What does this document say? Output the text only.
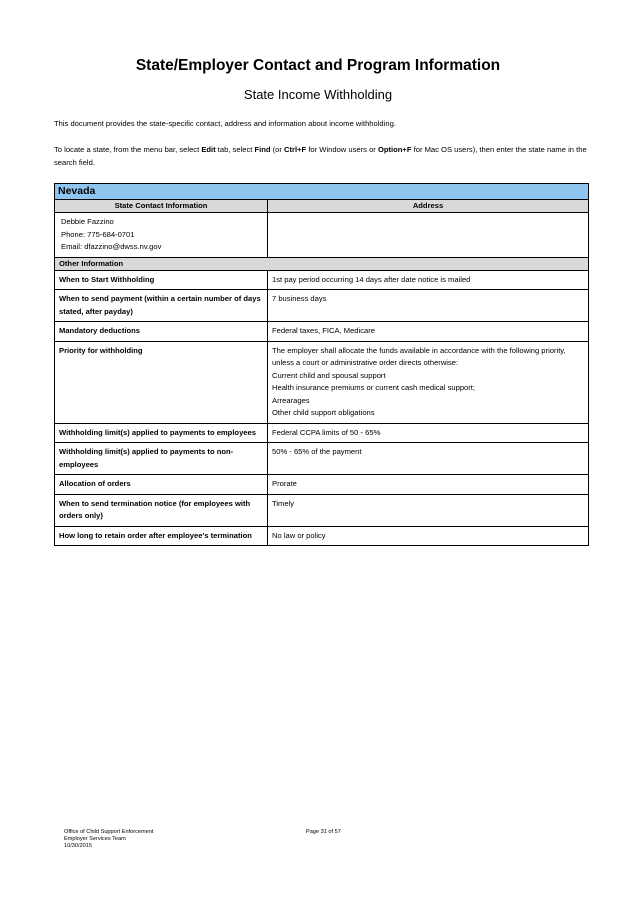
State/Employer Contact and Program Information
State Income Withholding
This document provides the state-specific contact, address and information about income withholding.
To locate a state, from the menu bar, select Edit tab, select Find (or Ctrl+F for Window users or Option+F for Mac OS users), then enter the state name in the search field.
Nevada	
State Contact Information	Address

Debbie Fazzino
Phone: 775-684-0701
Email: dfazzino@dwss.nv.gov	

Other Information	
When to Start Withholding	1st pay period occurring 14 days after date notice is mailed

When to send payment (within a certain number of days stated, after payday)	7 business days

Mandatory deductions	Federal taxes, FICA, Medicare

Priority for withholding	The employer shall allocate the funds available in accordance with the following priority, unless a court or administrative order directs otherwise:
Current child and spousal support
Health insurance premiums or current cash medical support;
Arrearages
Other child support obligations

Withholding limit(s) applied to payments to employees	Federal CCPA limits of 50 - 65%

Withholding limit(s) applied to payments to non-employees	50% - 65% of the payment

Allocation of orders	Prorate

When to send termination notice (for employees with orders only)	Timely

How long to retain order after employee's termination	No law or policy
Office of Child Support Enforcement
Employer Services Team
10/30/2015
Page 31 of 57
